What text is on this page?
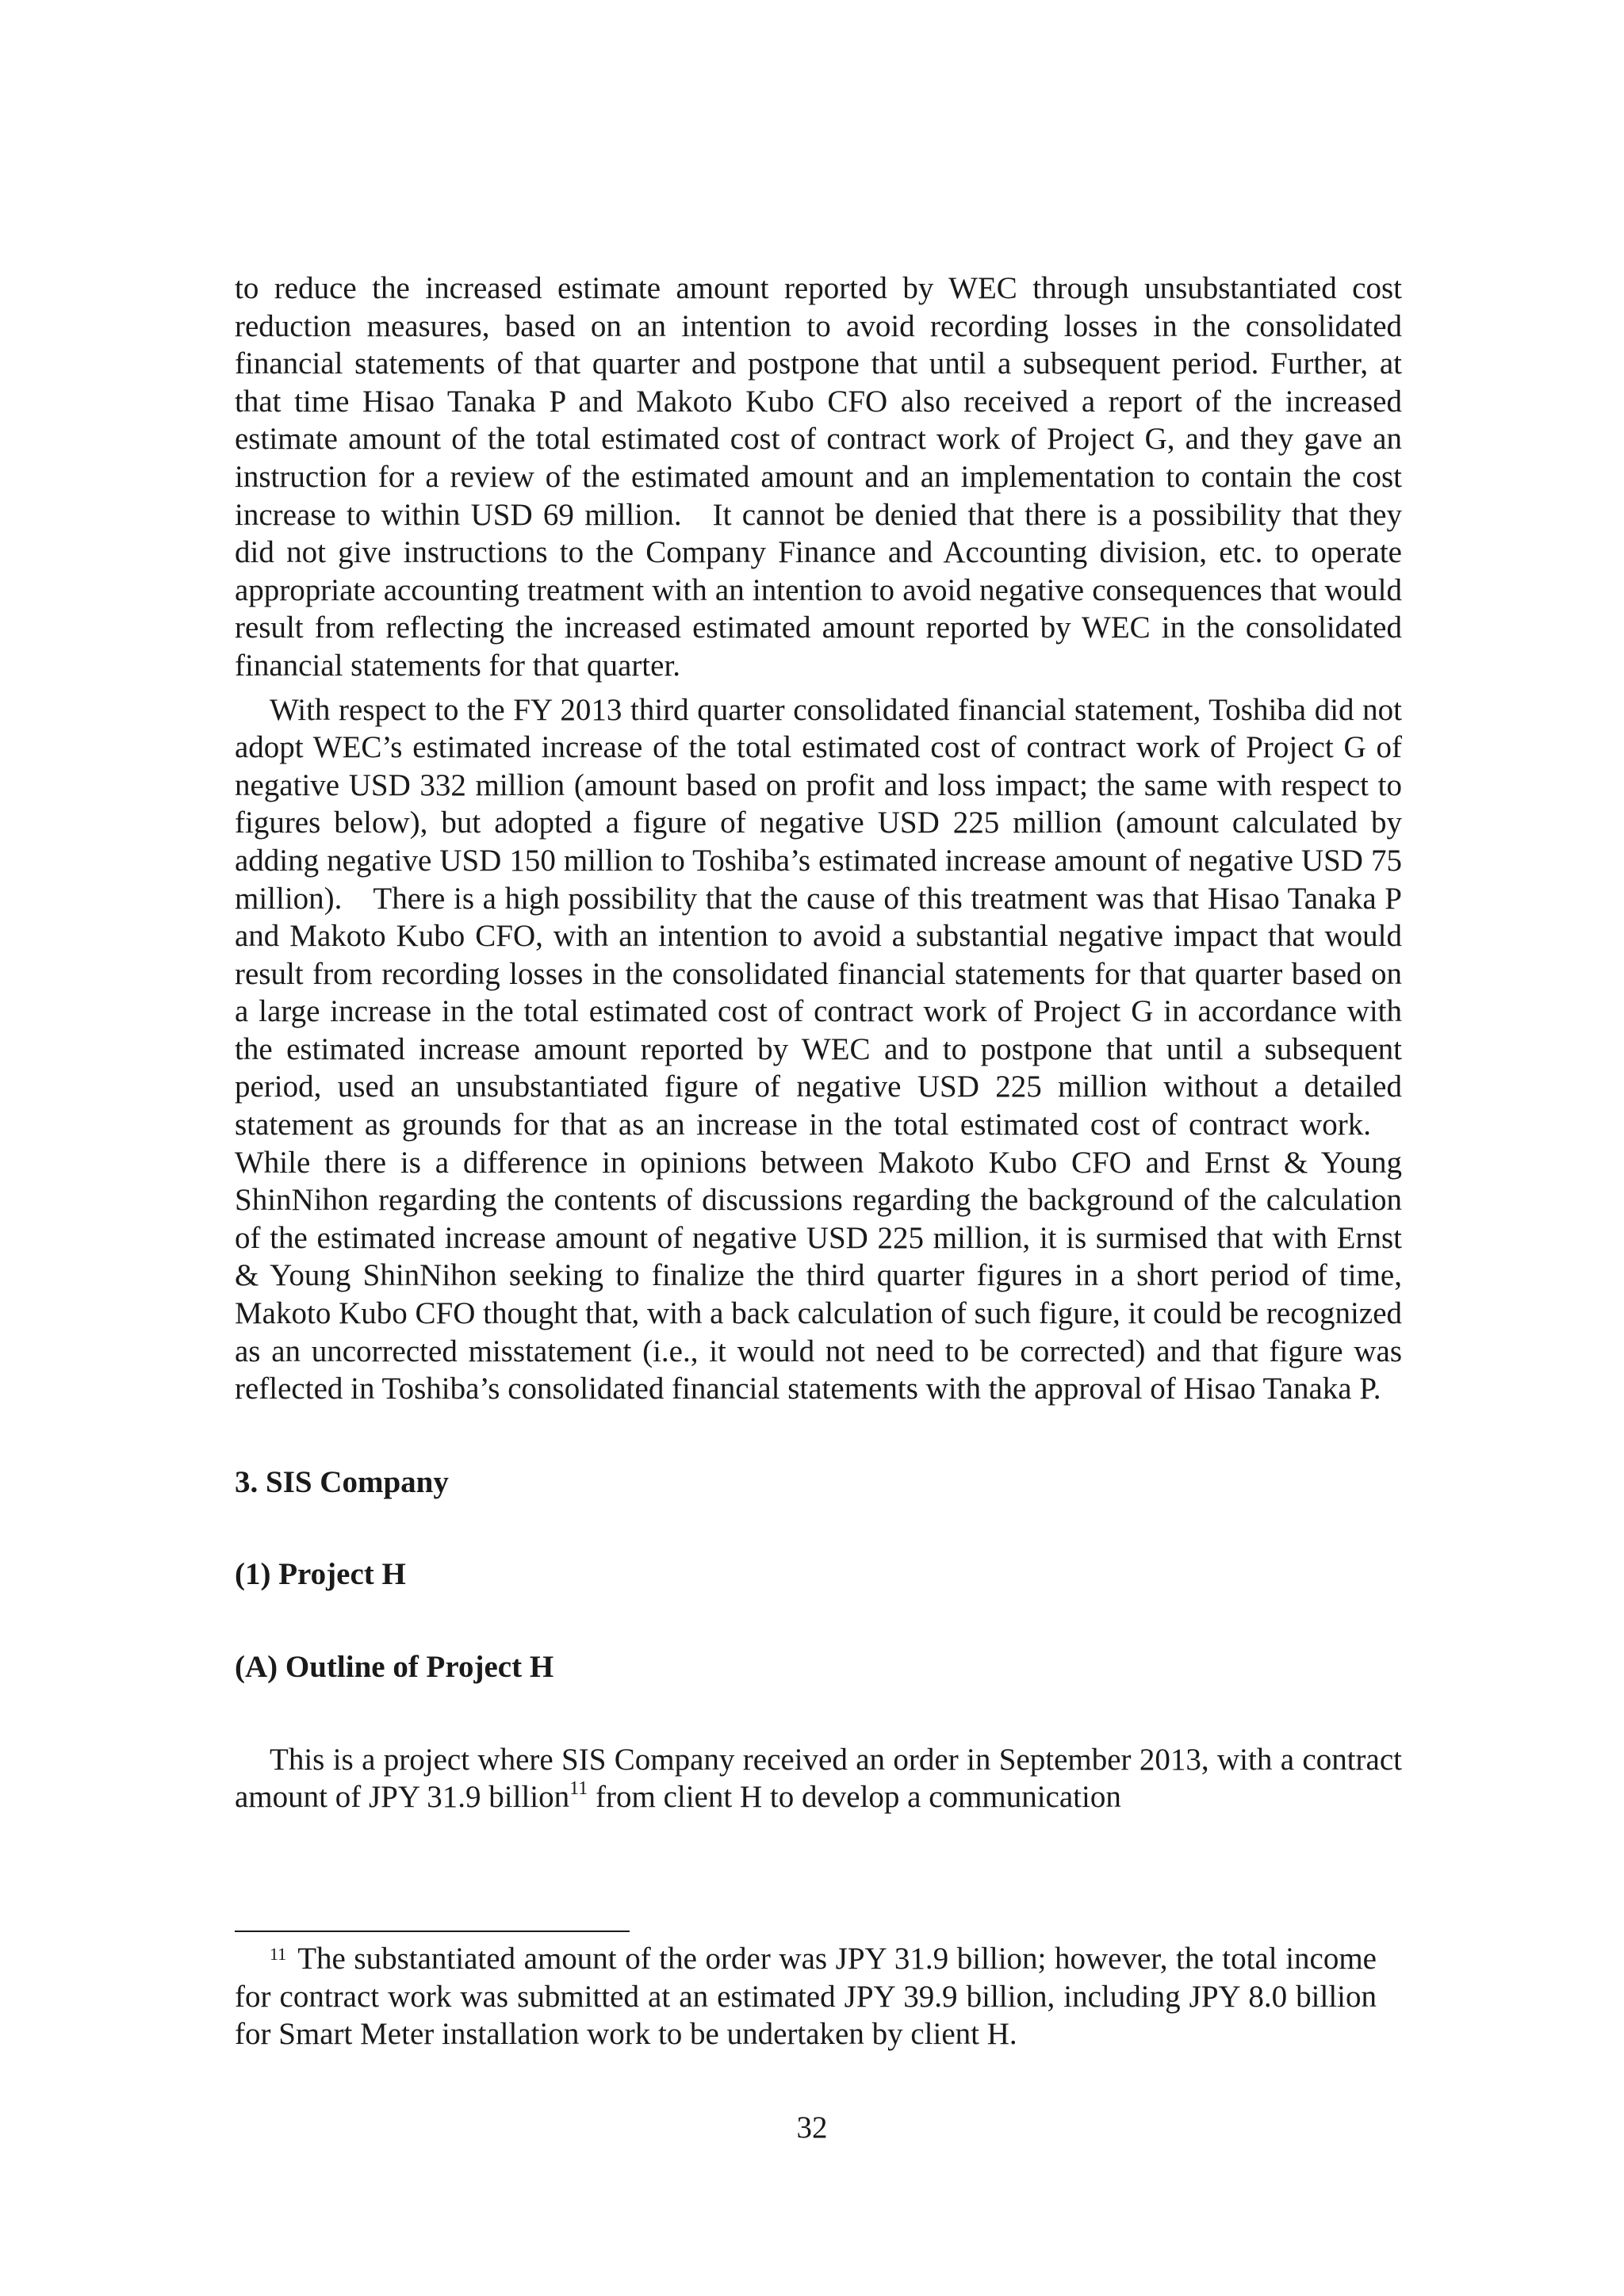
to reduce the increased estimate amount reported by WEC through unsubstantiated cost reduction measures, based on an intention to avoid recording losses in the consolidated financial statements of that quarter and postpone that until a subsequent period. Further, at that time Hisao Tanaka P and Makoto Kubo CFO also received a report of the increased estimate amount of the total estimated cost of contract work of Project G, and they gave an instruction for a review of the estimated amount and an implementation to contain the cost increase to within USD 69 million.  It cannot be denied that there is a possibility that they did not give instructions to the Company Finance and Accounting division, etc. to operate appropriate accounting treatment with an intention to avoid negative consequences that would result from reflecting the increased estimated amount reported by WEC in the consolidated financial statements for that quarter.

With respect to the FY 2013 third quarter consolidated financial statement, Toshiba did not adopt WEC’s estimated increase of the total estimated cost of contract work of Project G of negative USD 332 million (amount based on profit and loss impact; the same with respect to figures below), but adopted a figure of negative USD 225 million (amount calculated by adding negative USD 150 million to Toshiba’s estimated increase amount of negative USD 75 million).  There is a high possibility that the cause of this treatment was that Hisao Tanaka P and Makoto Kubo CFO, with an intention to avoid a substantial negative impact that would result from recording losses in the consolidated financial statements for that quarter based on a large increase in the total estimated cost of contract work of Project G in accordance with the estimated increase amount reported by WEC and to postpone that until a subsequent period, used an unsubstantiated figure of negative USD 225 million without a detailed statement as grounds for that as an increase in the total estimated cost of contract work.  While there is a difference in opinions between Makoto Kubo CFO and Ernst & Young ShinNihon regarding the contents of discussions regarding the background of the calculation of the estimated increase amount of negative USD 225 million, it is surmised that with Ernst & Young ShinNihon seeking to finalize the third quarter figures in a short period of time, Makoto Kubo CFO thought that, with a back calculation of such figure, it could be recognized as an uncorrected misstatement (i.e., it would not need to be corrected) and that figure was reflected in Toshiba’s consolidated financial statements with the approval of Hisao Tanaka P.

3. SIS Company
(1) Project H
(A) Outline of Project H

This is a project where SIS Company received an order in September 2013, with a contract amount of JPY 31.9 billion$^{11}$ from client H to develop a communication

$^{11}$ The substantiated amount of the order was JPY 31.9 billion; however, the total income for contract work was submitted at an estimated JPY 39.9 billion, including JPY 8.0 billion for Smart Meter installation work to be undertaken by client H.

32
